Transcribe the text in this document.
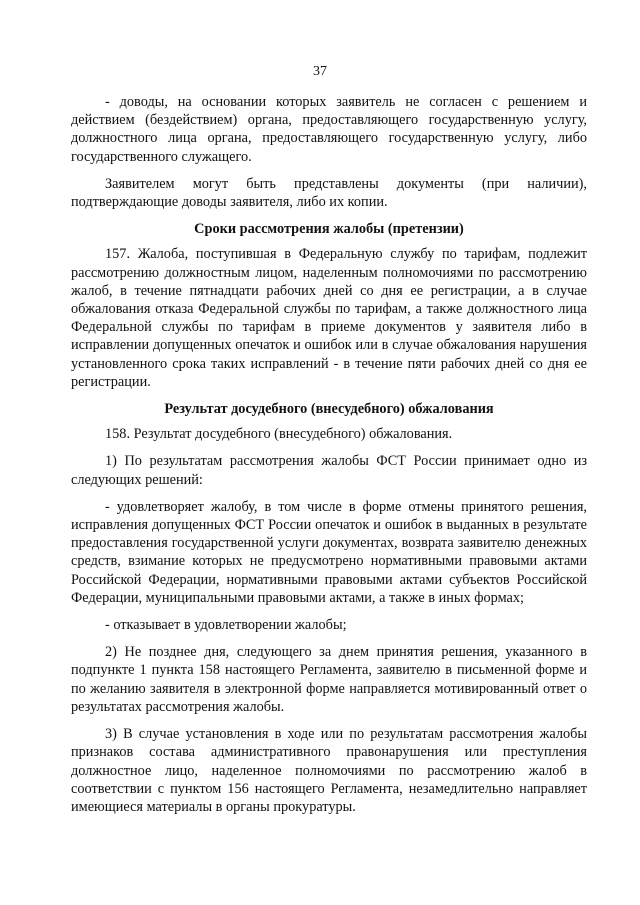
37

- доводы, на основании которых заявитель не согласен с решением и действием (бездействием) органа, предоставляющего государственную услугу, должностного лица органа, предоставляющего государственную услугу, либо государственного служащего.

Заявителем могут быть представлены документы (при наличии), подтверждающие доводы заявителя, либо их копии.

Сроки рассмотрения жалобы (претензии)

157. Жалоба, поступившая в Федеральную службу по тарифам, подлежит рассмотрению должностным лицом, наделенным полномочиями по рассмотрению жалоб, в течение пятнадцати рабочих дней со дня ее регистрации, а в случае обжалования отказа Федеральной службы по тарифам, а также должностного лица Федеральной службы по тарифам в приеме документов у заявителя либо в исправлении допущенных опечаток и ошибок или в случае обжалования нарушения установленного срока таких исправлений - в течение пяти рабочих дней со дня ее регистрации.

Результат досудебного (внесудебного) обжалования

158. Результат досудебного (внесудебного) обжалования.

1) По результатам рассмотрения жалобы ФСТ России принимает одно из следующих решений:

- удовлетворяет жалобу, в том числе в форме отмены принятого решения, исправления допущенных ФСТ России опечаток и ошибок в выданных в результате предоставления государственной услуги документах, возврата заявителю денежных средств, взимание которых не предусмотрено нормативными правовыми актами Российской Федерации, нормативными правовыми актами субъектов Российской Федерации, муниципальными правовыми актами, а также в иных формах;

- отказывает в удовлетворении жалобы;

2) Не позднее дня, следующего за днем принятия решения, указанного в подпункте 1 пункта 158 настоящего Регламента, заявителю в письменной форме и по желанию заявителя в электронной форме направляется мотивированный ответ о результатах рассмотрения жалобы.

3) В случае установления в ходе или по результатам рассмотрения жалобы признаков состава административного правонарушения или преступления должностное лицо, наделенное полномочиями по рассмотрению жалоб в соответствии с пунктом 156 настоящего Регламента, незамедлительно направляет имеющиеся материалы в органы прокуратуры.
